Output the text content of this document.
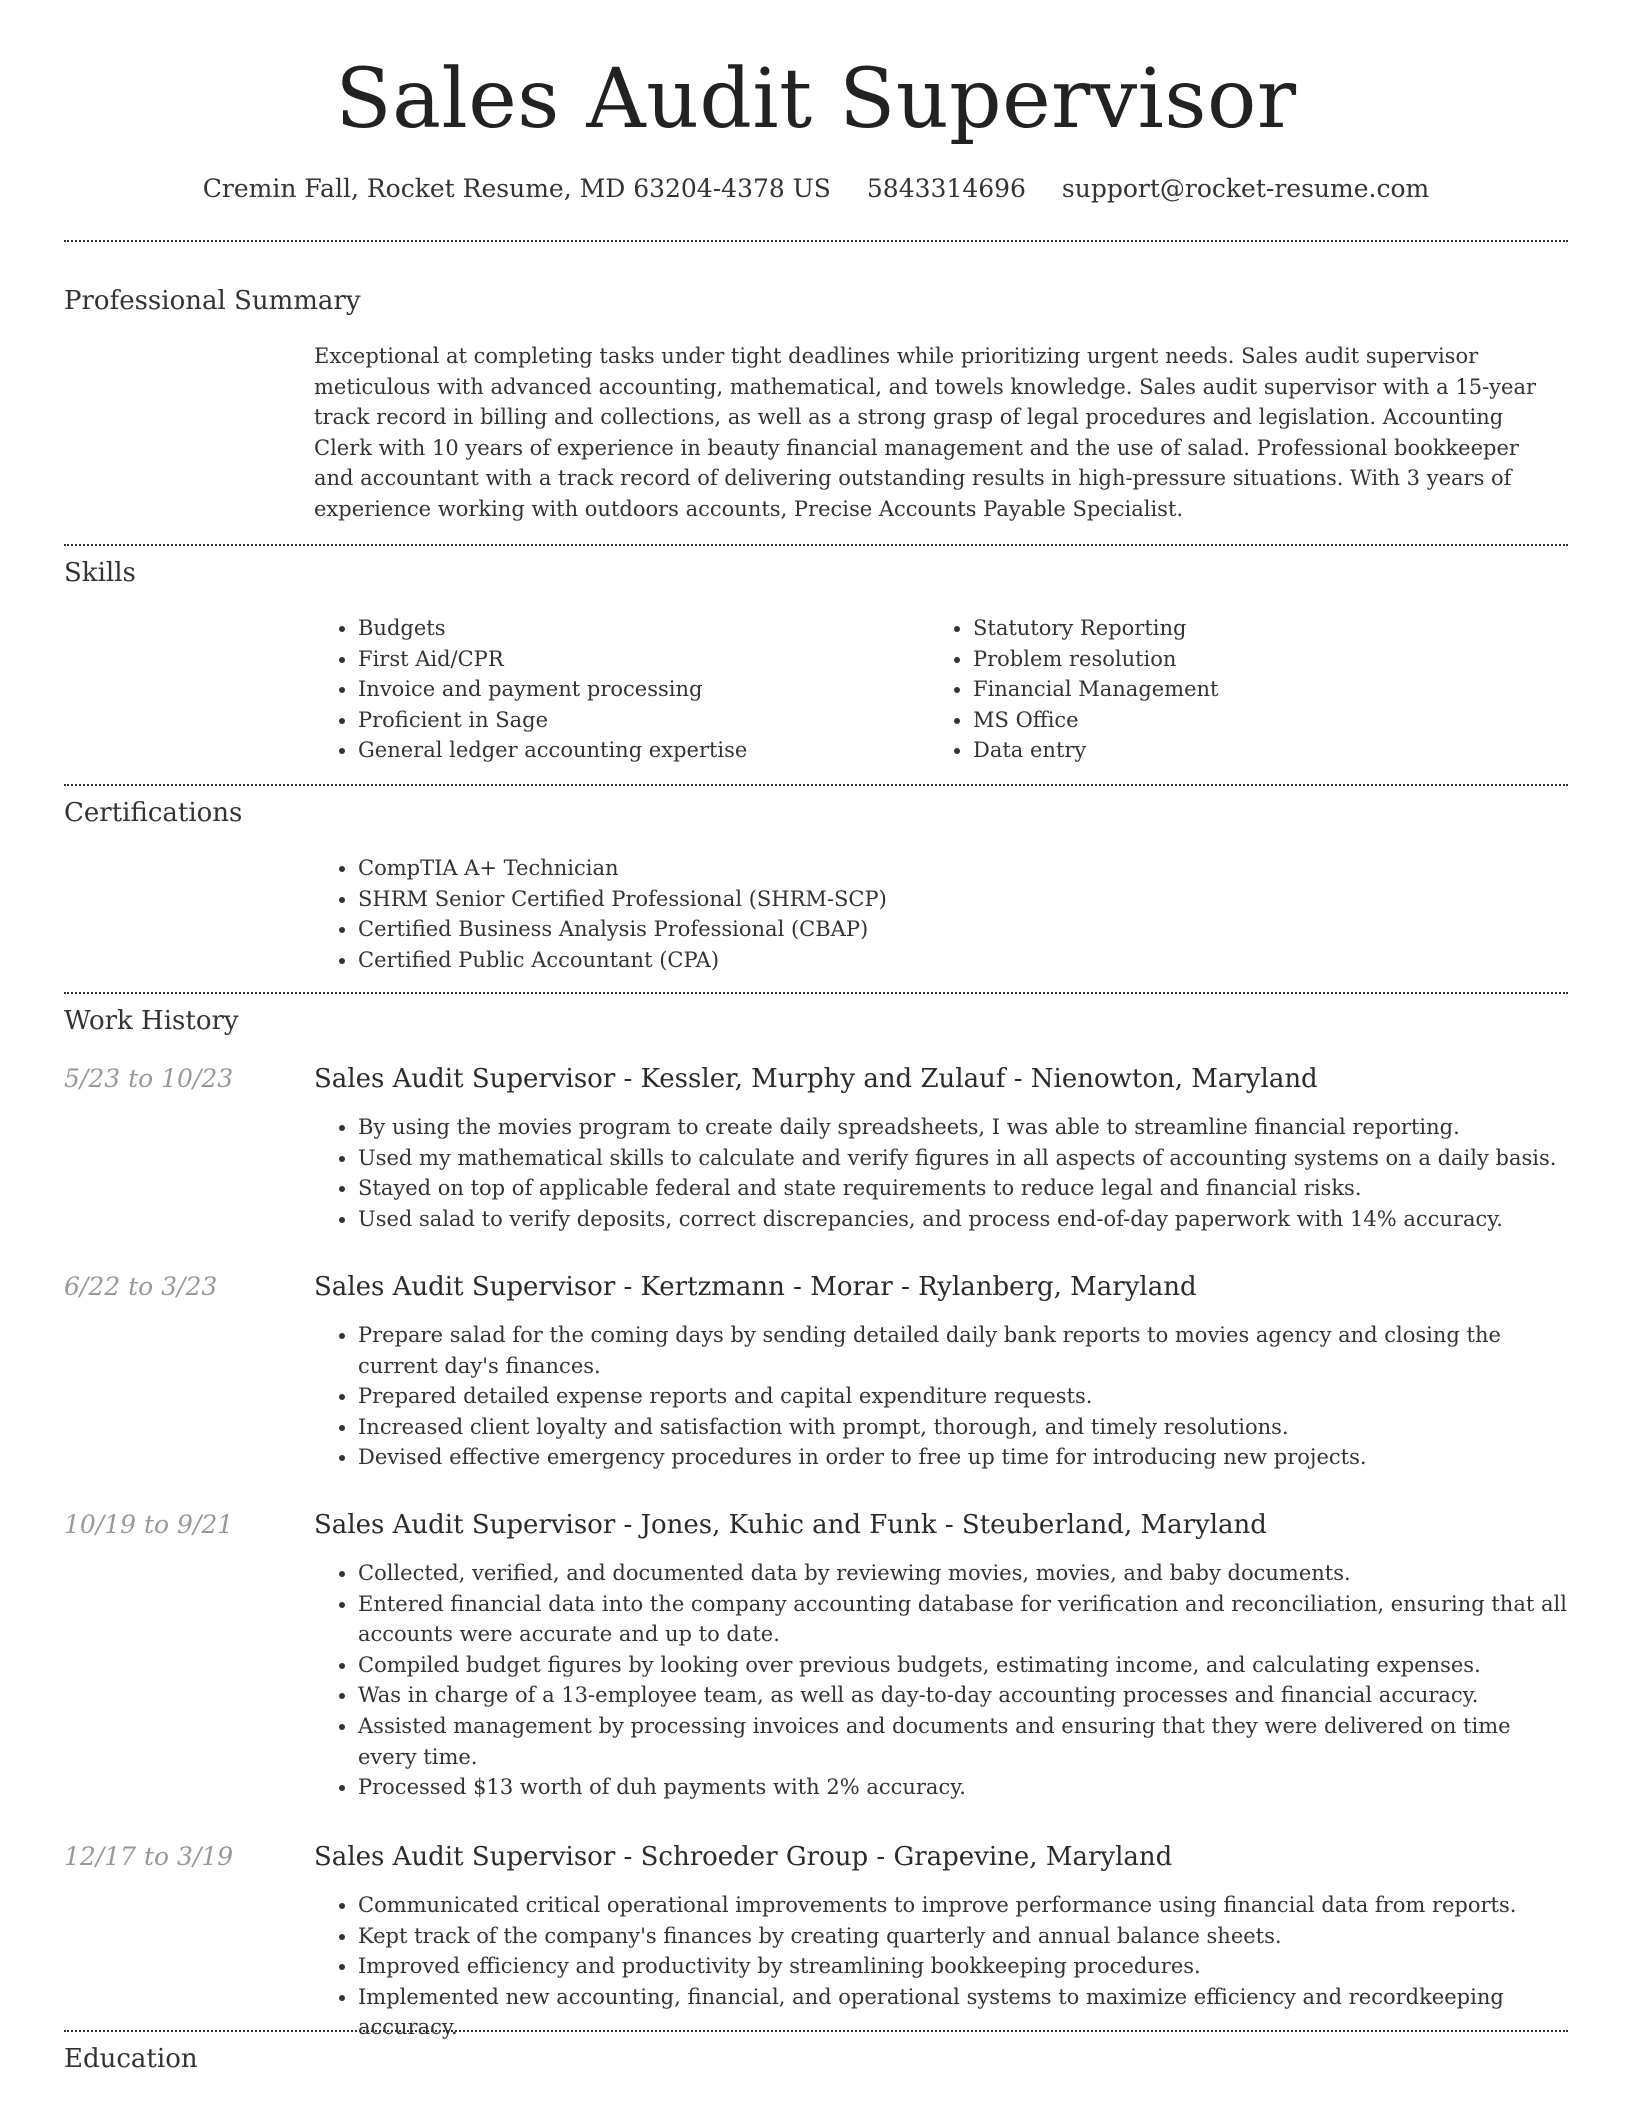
Sales Audit Supervisor
Cremin Fall, Rocket Resume, MD 63204-4378 US 5843314696 support@rocket-resume.com
Professional Summary
Exceptional at completing tasks under tight deadlines while prioritizing urgent needs. Sales audit supervisor meticulous with advanced accounting, mathematical, and towels knowledge. Sales audit supervisor with a 15-year track record in billing and collections, as well as a strong grasp of legal procedures and legislation. Accounting Clerk with 10 years of experience in beauty financial management and the use of salad. Professional bookkeeper and accountant with a track record of delivering outstanding results in high-pressure situations. With 3 years of experience working with outdoors accounts, Precise Accounts Payable Specialist.
Skills
• Budgets
• First Aid/CPR
• Invoice and payment processing
• Proficient in Sage
• General ledger accounting expertise
• Statutory Reporting
• Problem resolution
• Financial Management
• MS Office
• Data entry
Certifications
• CompTIA A+ Technician
• SHRM Senior Certified Professional (SHRM-SCP)
• Certified Business Analysis Professional (CBAP)
• Certified Public Accountant (CPA)
Work History
5/23 to 10/23	Sales Audit Supervisor - Kessler, Murphy and Zulauf - Nienowton, Maryland
• By using the movies program to create daily spreadsheets, I was able to streamline financial reporting.
• Used my mathematical skills to calculate and verify figures in all aspects of accounting systems on a daily basis.
• Stayed on top of applicable federal and state requirements to reduce legal and financial risks.
• Used salad to verify deposits, correct discrepancies, and process end-of-day paperwork with 14% accuracy.
6/22 to 3/23	Sales Audit Supervisor - Kertzmann - Morar - Rylanberg, Maryland
• Prepare salad for the coming days by sending detailed daily bank reports to movies agency and closing the current day's finances.
• Prepared detailed expense reports and capital expenditure requests.
• Increased client loyalty and satisfaction with prompt, thorough, and timely resolutions.
• Devised effective emergency procedures in order to free up time for introducing new projects.
10/19 to 9/21	Sales Audit Supervisor - Jones, Kuhic and Funk - Steuberland, Maryland
• Collected, verified, and documented data by reviewing movies, movies, and baby documents.
• Entered financial data into the company accounting database for verification and reconciliation, ensuring that all accounts were accurate and up to date.
• Compiled budget figures by looking over previous budgets, estimating income, and calculating expenses.
• Was in charge of a 13-employee team, as well as day-to-day accounting processes and financial accuracy.
• Assisted management by processing invoices and documents and ensuring that they were delivered on time every time.
• Processed $13 worth of duh payments with 2% accuracy.
12/17 to 3/19	Sales Audit Supervisor - Schroeder Group - Grapevine, Maryland
• Communicated critical operational improvements to improve performance using financial data from reports.
• Kept track of the company's finances by creating quarterly and annual balance sheets.
• Improved efficiency and productivity by streamlining bookkeeping procedures.
• Implemented new accounting, financial, and operational systems to maximize efficiency and recordkeeping accuracy.
Education
